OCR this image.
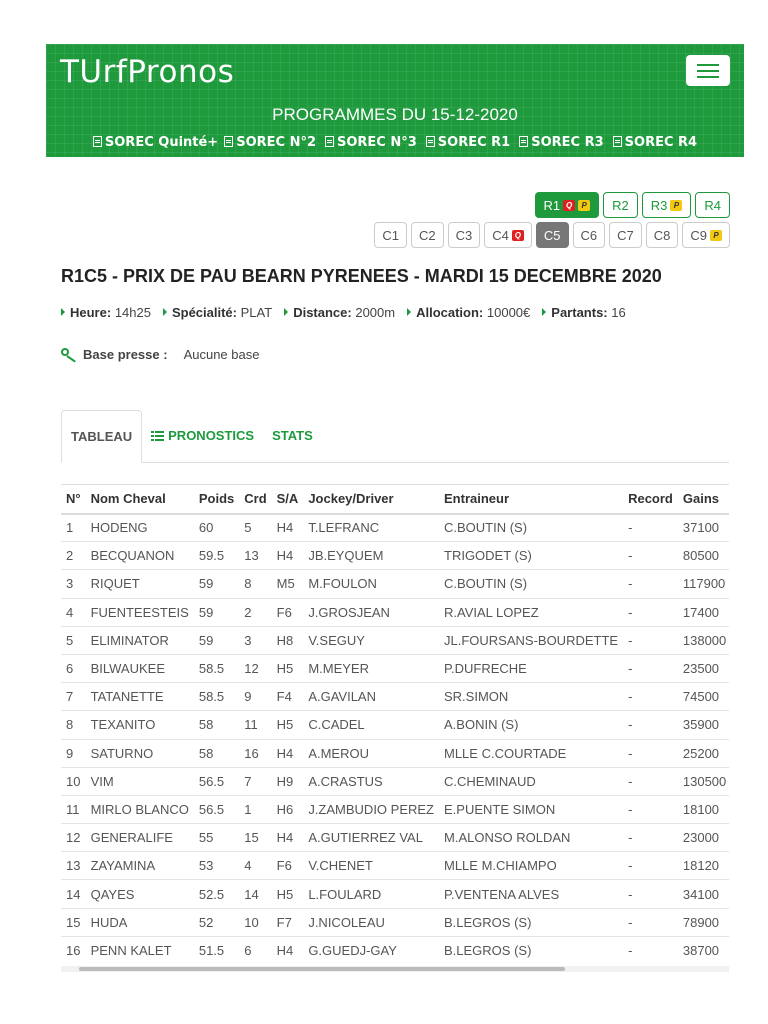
TUrfPronos
PROGRAMMES DU 15-12-2020
SOREC Quinté+ SOREC N°2 SOREC N°3 SOREC R1 SOREC R3 SOREC R4
R1 Q	P R2 R3 P R4
C1 C2 C3 C4 Q C5 C6 C7 C8 C9 P
R1C5 - PRIX DE PAU BEARN PYRENEES - MARDI 15 DECEMBRE 2020
Heure: 14h25 Spécialité: PLAT Distance: 2000m Allocation: 10000€ Partants: 16
Base presse : Aucune base
TABLEAU	PRONOSTICS STATS
N°	Nom Cheval	Poids	Crd	S/A	Jockey/Driver	Entraineur	Record	Gains
1	HODENG	60	5	H4	T.LEFRANC	C.BOUTIN (S)	-	37100
2	BECQUANON	59.5	13	H4	JB.EYQUEM	TRIGODET (S)	-	80500
3	RIQUET	59	8	M5	M.FOULON	C.BOUTIN (S)	-	117900
4	FUENTEESTEIS	59	2	F6	J.GROSJEAN	R.AVIAL LOPEZ	-	17400
5	ELIMINATOR	59	3	H8	V.SEGUY	JL.FOURSANS-BOURDETTE	-	138000
6	BILWAUKEE	58.5	12	H5	M.MEYER	P.DUFRECHE	-	23500
7	TATANETTE	58.5	9	F4	A.GAVILAN	SR.SIMON	-	74500
8	TEXANITO	58	11	H5	C.CADEL	A.BONIN (S)	-	35900
9	SATURNO	58	16	H4	A.MEROU	MLLE C.COURTADE	-	25200
10	VIM	56.5	7	H9	A.CRASTUS	C.CHEMINAUD	-	130500
11	MIRLO BLANCO	56.5	1	H6	J.ZAMBUDIO PEREZ	E.PUENTE SIMON	-	18100
12	GENERALIFE	55	15	H4	A.GUTIERREZ VAL	M.ALONSO ROLDAN	-	23000
13	ZAYAMINA	53	4	F6	V.CHENET	MLLE M.CHIAMPO	-	18120
14	QAYES	52.5	14	H5	L.FOULARD	P.VENTENA ALVES	-	34100
15	HUDA	52	10	F7	J.NICOLEAU	B.LEGROS (S)	-	78900
16	PENN KALET	51.5	6	H4	G.GUEDJ-GAY	B.LEGROS (S)	-	38700
